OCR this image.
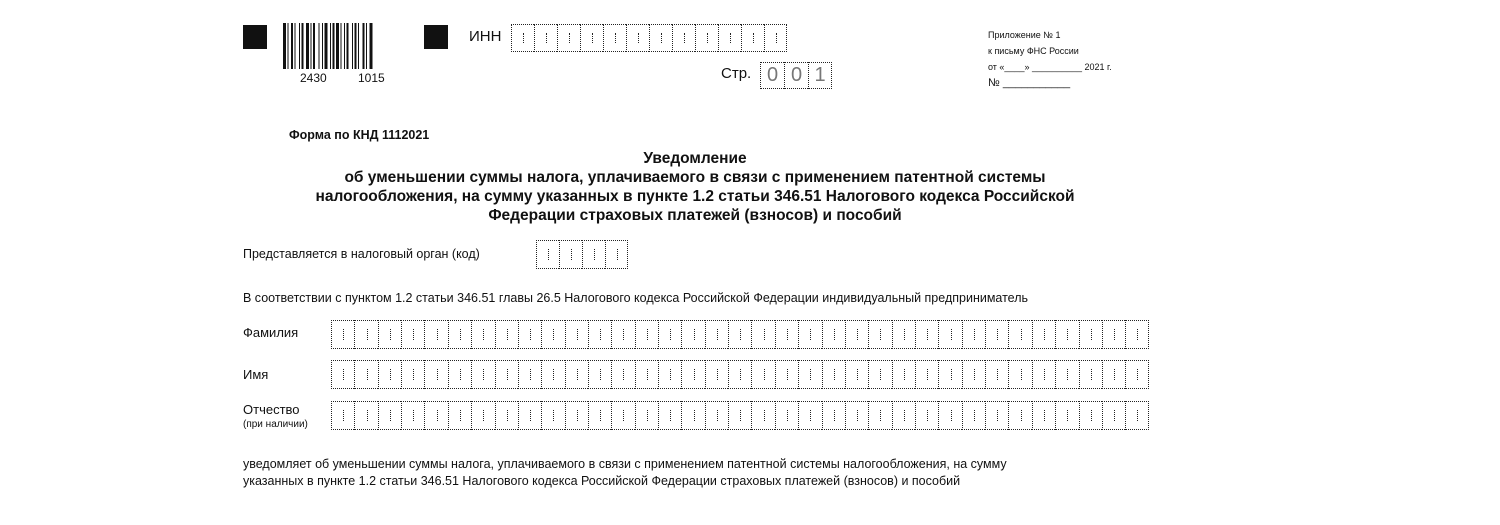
2430	1015
ИНН
Стр. 0 0 1
Приложение № 1
к письму ФНС России
от «____» __________ 2021 г.
№ ___________
Форма по КНД 1112021
Уведомление
об уменьшении суммы налога, уплачиваемого в связи с применением патентной системы
налогообложения, на сумму указанных в пункте 1.2 статьи 346.51 Налогового кодекса Российской
Федерации страховых платежей (взносов) и пособий
Представляется в налоговый орган (код)
В соответствии с пунктом 1.2 статьи 346.51 главы 26.5 Налогового кодекса Российской Федерации индивидуальный предприниматель
Фамилия
Имя
Отчество
(при наличии)
уведомляет об уменьшении суммы налога, уплачиваемого в связи с применением патентной системы налогообложения, на сумму
указанных в пункте 1.2 статьи 346.51 Налогового кодекса Российской Федерации страховых платежей (взносов) и пособий
